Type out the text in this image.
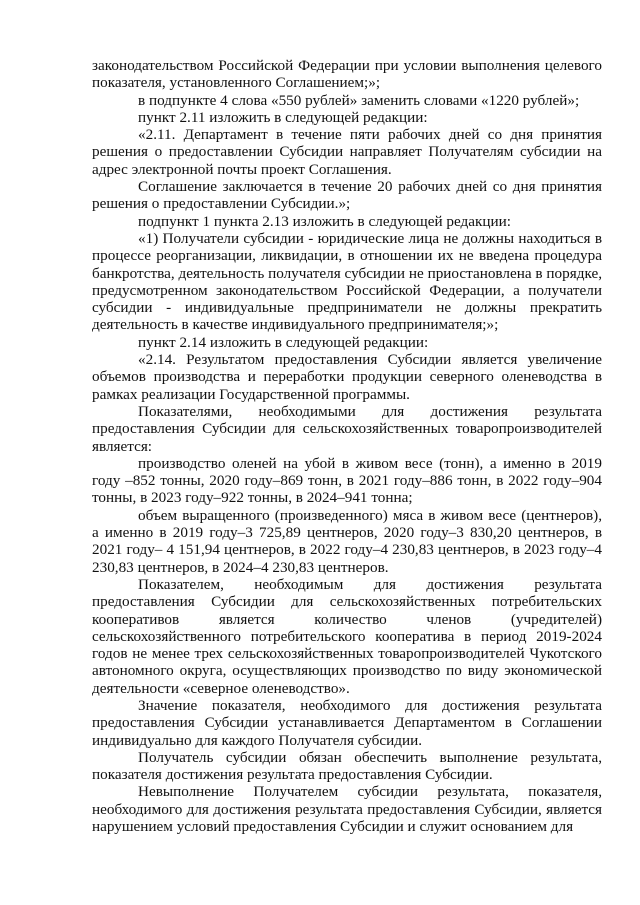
законодательством Российской Федерации при условии выполнения целевого показателя, установленного Соглашением;»;

в подпункте 4 слова «550 рублей» заменить словами «1220 рублей»;

пункт 2.11 изложить в следующей редакции:

«2.11. Департамент в течение пяти рабочих дней со дня принятия решения о предоставлении Субсидии направляет Получателям субсидии на адрес электронной почты проект Соглашения.

Соглашение заключается в течение 20 рабочих дней со дня принятия решения о предоставлении Субсидии.»;

подпункт 1 пункта 2.13 изложить в следующей редакции:

«1) Получатели субсидии - юридические лица не должны находиться в процессе реорганизации, ликвидации, в отношении их не введена процедура банкротства, деятельность получателя субсидии не приостановлена в порядке, предусмотренном законодательством Российской Федерации, а получатели субсидии - индивидуальные предприниматели не должны прекратить деятельность в качестве индивидуального предпринимателя;»;

пункт 2.14 изложить в следующей редакции:

«2.14. Результатом предоставления Субсидии является увеличение объемов производства и переработки продукции северного оленеводства в рамках реализации Государственной программы.

Показателями, необходимыми для достижения результата предоставления Субсидии для сельскохозяйственных товаропроизводителей является:

производство оленей на убой в живом весе (тонн), а именно в 2019 году –852 тонны, 2020 году–869 тонн, в 2021 году–886 тонн, в 2022 году–904 тонны, в 2023 году–922 тонны, в 2024–941 тонна;

объем выращенного (произведенного) мяса в живом весе (центнеров), а именно в 2019 году–3 725,89 центнеров, 2020 году–3 830,20 центнеров, в 2021 году– 4 151,94 центнеров, в 2022 году–4 230,83 центнеров, в 2023 году–4 230,83 центнеров, в 2024–4 230,83 центнеров.

Показателем, необходимым для достижения результата предоставления Субсидии для сельскохозяйственных потребительских кооперативов является количество членов (учредителей) сельскохозяйственного потребительского кооператива в период 2019-2024 годов не менее трех сельскохозяйственных товаропроизводителей Чукотского автономного округа, осуществляющих производство по виду экономической деятельности «северное оленеводство».

Значение показателя, необходимого для достижения результата предоставления Субсидии устанавливается Департаментом в Соглашении индивидуально для каждого Получателя субсидии.

Получатель субсидии обязан обеспечить выполнение результата, показателя достижения результата предоставления Субсидии.

Невыполнение Получателем субсидии результата, показателя, необходимого для достижения результата предоставления Субсидии, является нарушением условий предоставления Субсидии и служит основанием для
